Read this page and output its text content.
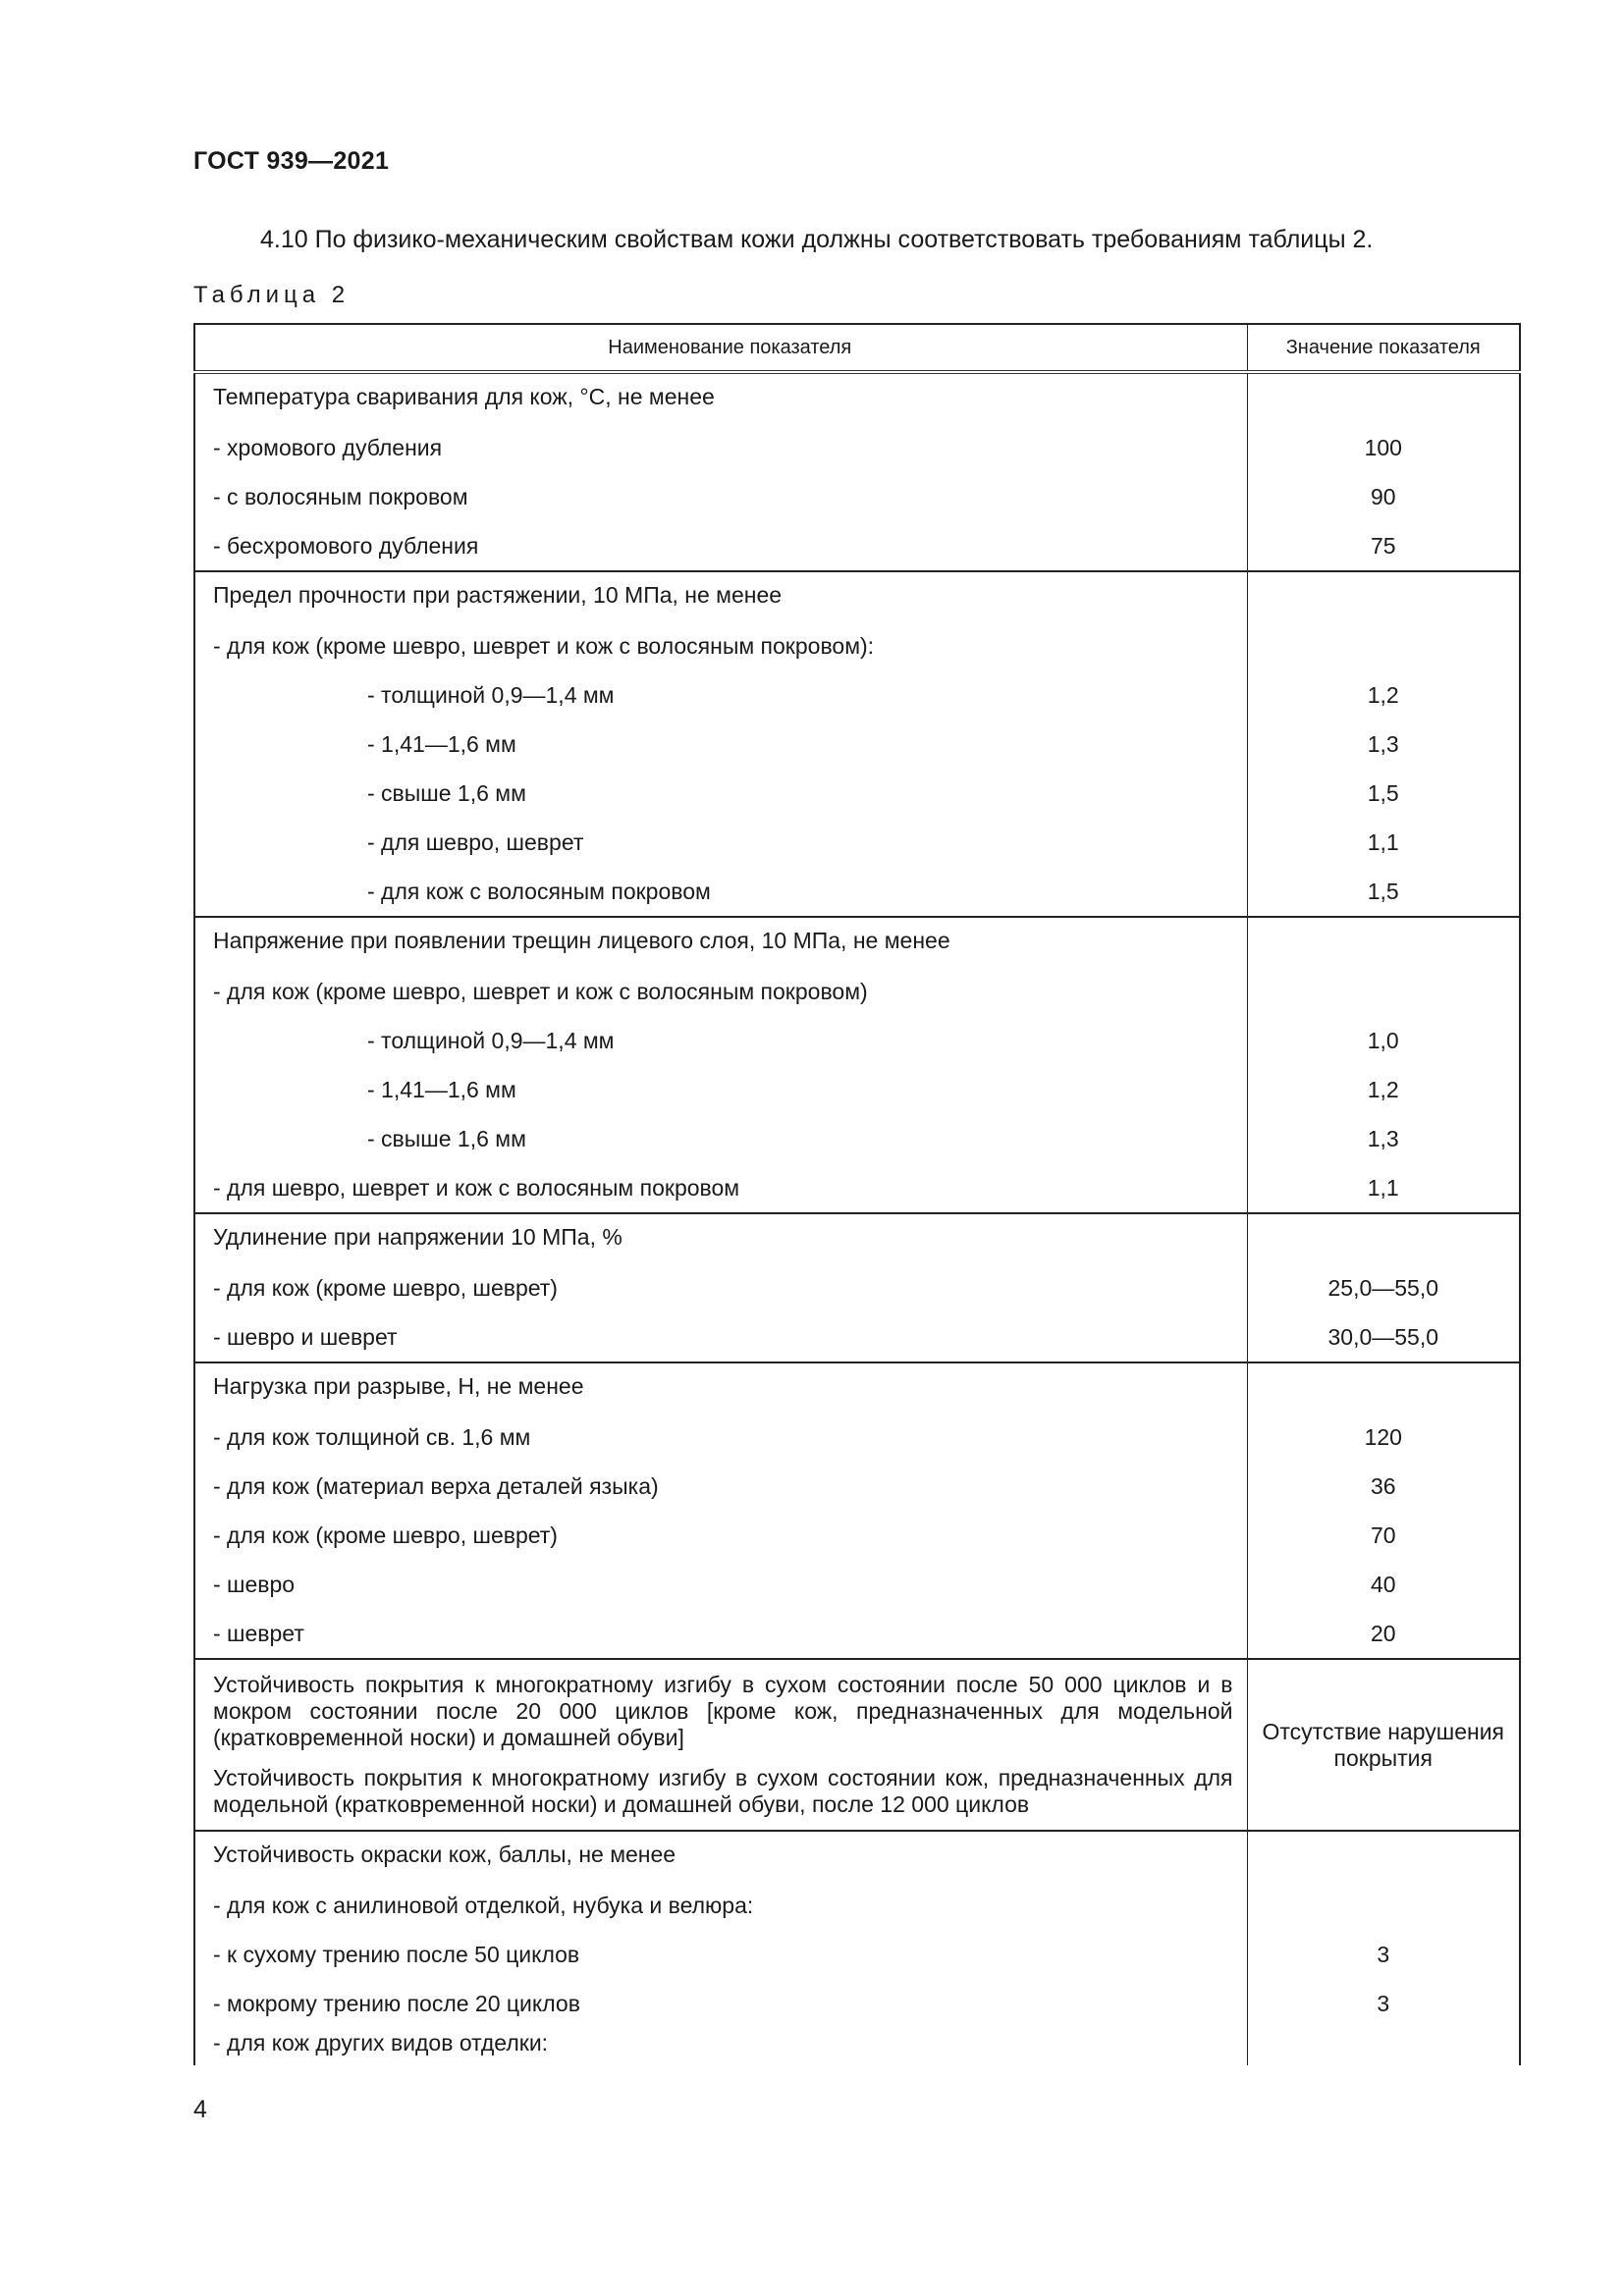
ГОСТ 939—2021
4.10 По физико-механическим свойствам кожи должны соответствовать требованиям таблицы 2.
Таблица 2
Наименование показателя	Значение показателя
Температура сваривания для кож, °С, не менее	
- хромового дубления	100
- с волосяным покровом	90
- бесхромового дубления	75
Предел прочности при растяжении, 10 МПа, не менее	
- для кож (кроме шевро, шеврет и кож с волосяным покровом):	
- толщиной 0,9—1,4 мм	1,2
- 1,41—1,6 мм	1,3
- свыше 1,6 мм	1,5
- для шевро, шеврет	1,1
- для кож с волосяным покровом	1,5
Напряжение при появлении трещин лицевого слоя, 10 МПа, не менее	
- для кож (кроме шевро, шеврет и кож с волосяным покровом)	
- толщиной 0,9—1,4 мм	1,0
- 1,41—1,6 мм	1,2
- свыше 1,6 мм	1,3
- для шевро, шеврет и кож с волосяным покровом	1,1
Удлинение при напряжении 10 МПа, %	
- для кож (кроме шевро, шеврет)	25,0—55,0
- шевро и шеврет	30,0—55,0
Нагрузка при разрыве, Н, не менее	
- для кож толщиной св. 1,6 мм	120
- для кож (материал верха деталей языка)	36
- для кож (кроме шевро, шеврет)	70
- шевро	40
- шеврет	20

Устойчивость покрытия к многократному изгибу в сухом состоянии после 50 000 циклов и в мокром состоянии после 20 000 циклов [кроме кож, предназначенных для модельной (кратковременной носки) и домашней обуви]

Устойчивость покрытия к многократному изгибу в сухом состоянии кож, предназначенных для модельной (кратковременной носки) и домашней обуви, после 12 000 циклов	Отсутствие нарушения покрытия
Устойчивость окраски кож, баллы, не менее	
- для кож с анилиновой отделкой, нубука и велюра:	
- к сухому трению после 50 циклов	3
- мокрому трению после 20 циклов	3
- для кож других видов отделки:	
4
